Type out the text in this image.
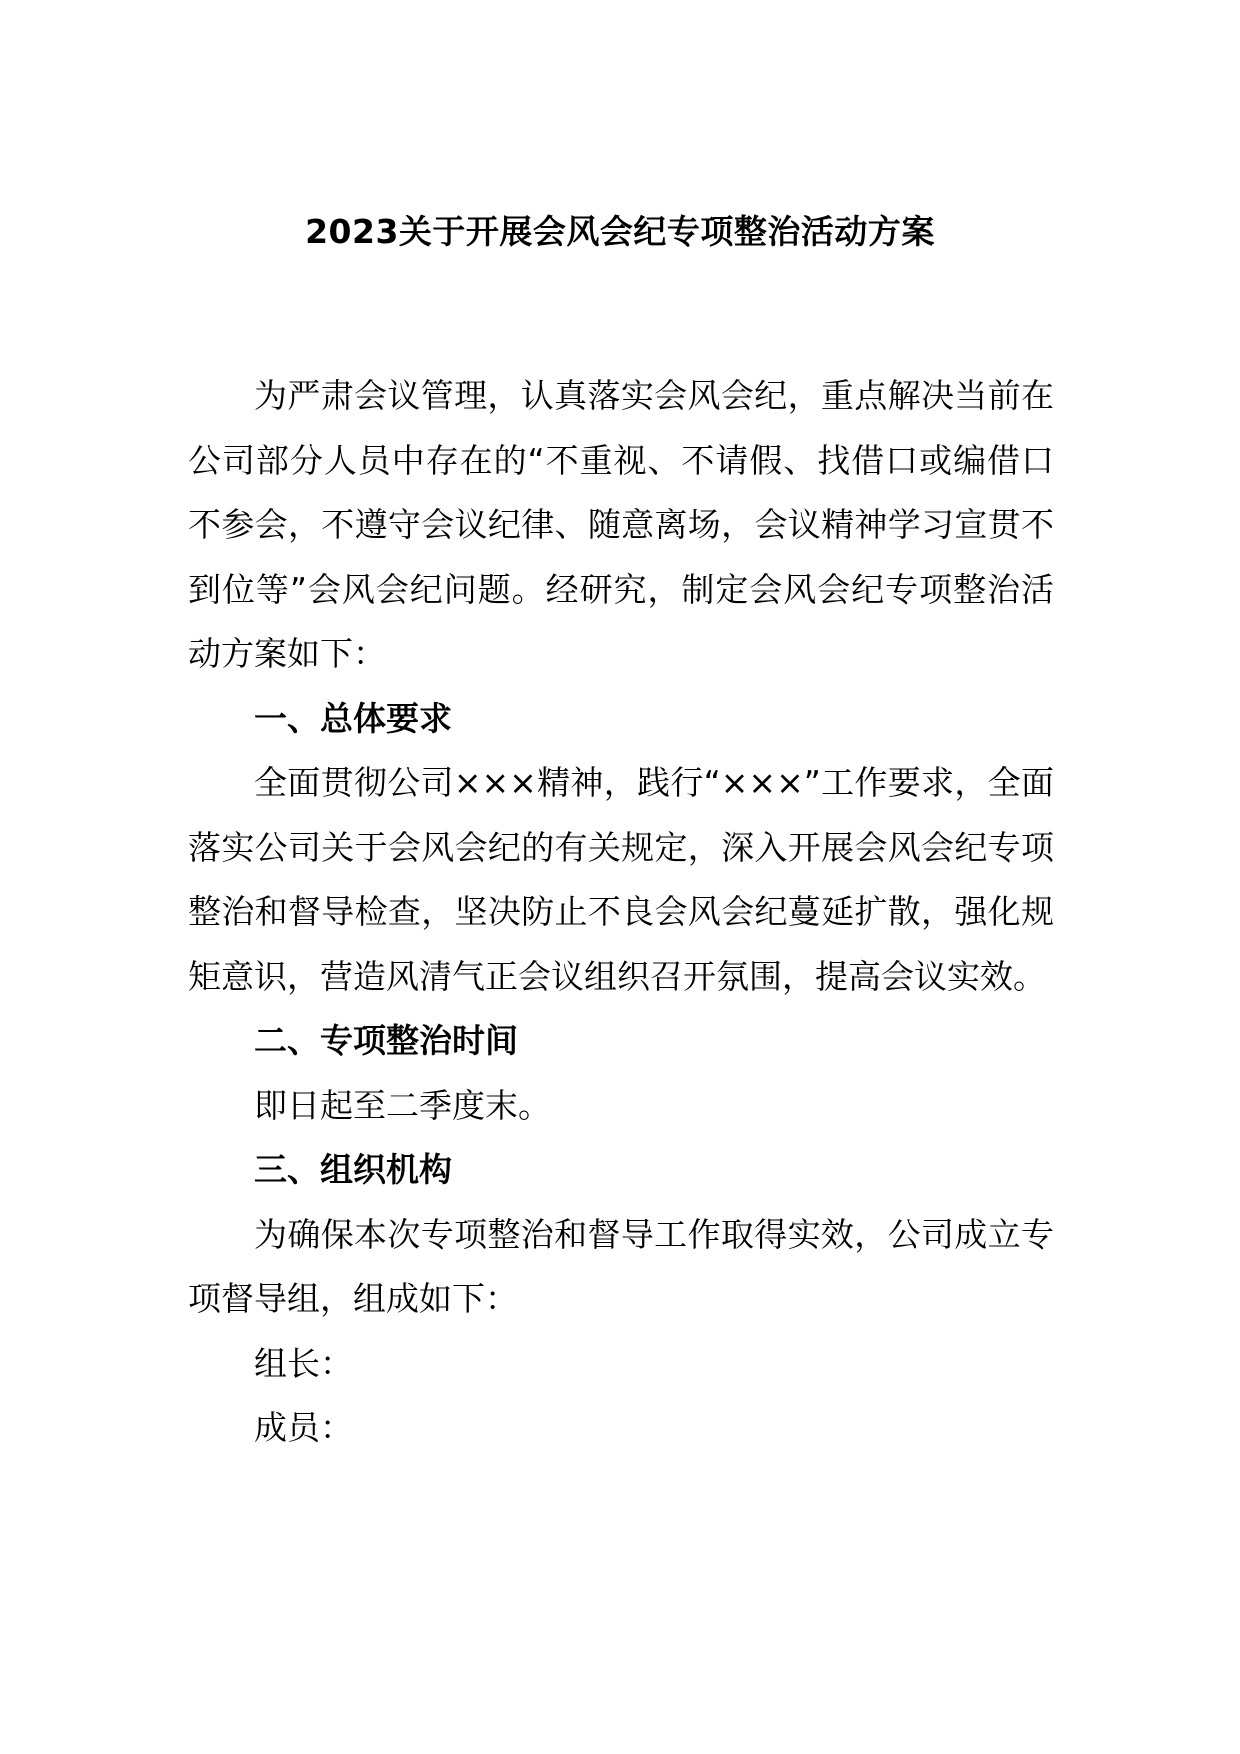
2023关于开展会风会纪专项整治活动方案

为严肃会议管理，认真落实会风会纪，重点解决当前在公司部分人员中存在的“不重视、不请假、找借口或编借口不参会，不遵守会议纪律、随意离场，会议精神学习宣贯不到位等”会风会纪问题。经研究，制定会风会纪专项整治活动方案如下：

一、总体要求

全面贯彻公司×××精神，践行“×××”工作要求，全面落实公司关于会风会纪的有关规定，深入开展会风会纪专项整治和督导检查，坚决防止不良会风会纪蔓延扩散，强化规矩意识，营造风清气正会议组织召开氛围，提高会议实效。

二、专项整治时间

即日起至二季度末。

三、组织机构

为确保本次专项整治和督导工作取得实效，公司成立专项督导组，组成如下：

组长：

成员：
